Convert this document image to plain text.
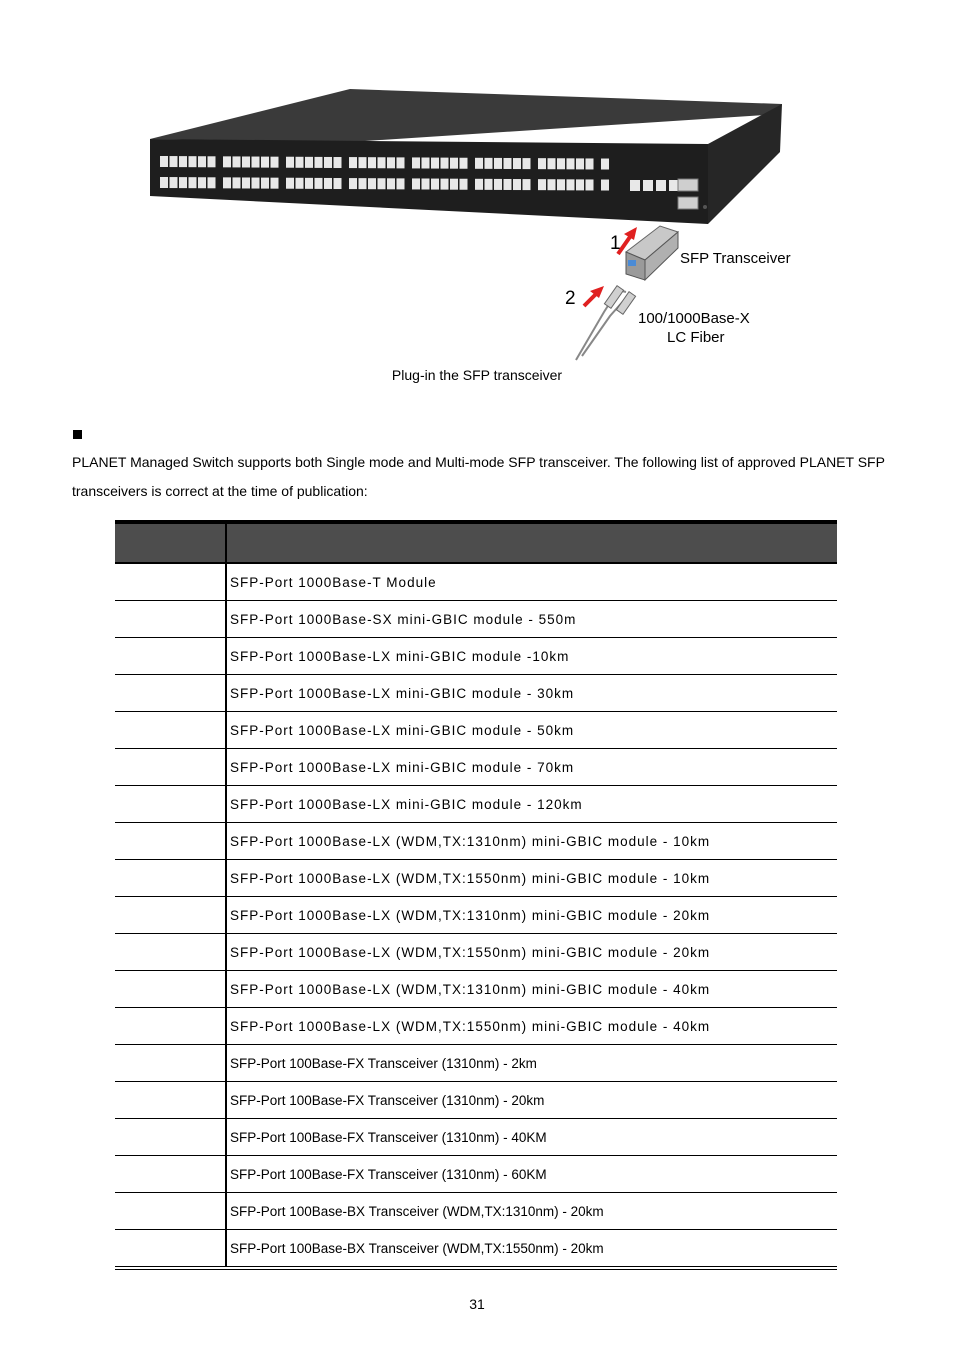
1
SFP Transceiver
2
100/1000Base-X
LC Fiber
Plug-in the SFP transceiver
PLANET Managed Switch supports both Single mode and Multi-mode SFP transceiver. The following list of approved PLANET SFP transceivers is correct at the time of publication:

	SFP-Port 1000Base-T Module
	SFP-Port 1000Base-SX mini-GBIC module - 550m
	SFP-Port 1000Base-LX mini-GBIC module -10km
	SFP-Port 1000Base-LX mini-GBIC module - 30km
	SFP-Port 1000Base-LX mini-GBIC module - 50km
	SFP-Port 1000Base-LX mini-GBIC module - 70km
	SFP-Port 1000Base-LX mini-GBIC module - 120km
	SFP-Port 1000Base-LX (WDM,TX:1310nm) mini-GBIC module - 10km
	SFP-Port 1000Base-LX (WDM,TX:1550nm) mini-GBIC module - 10km
	SFP-Port 1000Base-LX (WDM,TX:1310nm) mini-GBIC module - 20km
	SFP-Port 1000Base-LX (WDM,TX:1550nm) mini-GBIC module - 20km
	SFP-Port 1000Base-LX (WDM,TX:1310nm) mini-GBIC module - 40km
	SFP-Port 1000Base-LX (WDM,TX:1550nm) mini-GBIC module - 40km
	SFP-Port 100Base-FX Transceiver (1310nm) - 2km
	SFP-Port 100Base-FX Transceiver (1310nm) - 20km
	SFP-Port 100Base-FX Transceiver (1310nm) - 40KM
	SFP-Port 100Base-FX Transceiver (1310nm) - 60KM
	SFP-Port 100Base-BX Transceiver (WDM,TX:1310nm) - 20km
	SFP-Port 100Base-BX Transceiver (WDM,TX:1550nm) - 20km
31
